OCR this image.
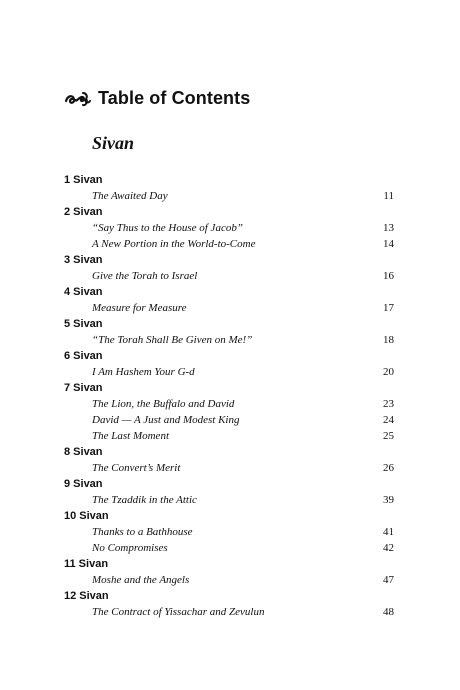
Table of Contents
Sivan
1 Sivan
The Awaited Day	11
2 Sivan
“Say Thus to the House of Jacob”	13
A New Portion in the World-to-Come	14
3 Sivan
Give the Torah to Israel	16
4 Sivan
Measure for Measure	17
5 Sivan
“The Torah Shall Be Given on Me!”	18
6 Sivan
I Am Hashem Your G-d	20
7 Sivan
The Lion, the Buffalo and David	23
David — A Just and Modest King	24
The Last Moment	25
8 Sivan
The Convert’s Merit	26
9 Sivan
The Tzaddik in the Attic	39
10 Sivan
Thanks to a Bathhouse	41
No Compromises	42
11 Sivan
Moshe and the Angels	47
12 Sivan
The Contract of Yissachar and Zevulun	48
